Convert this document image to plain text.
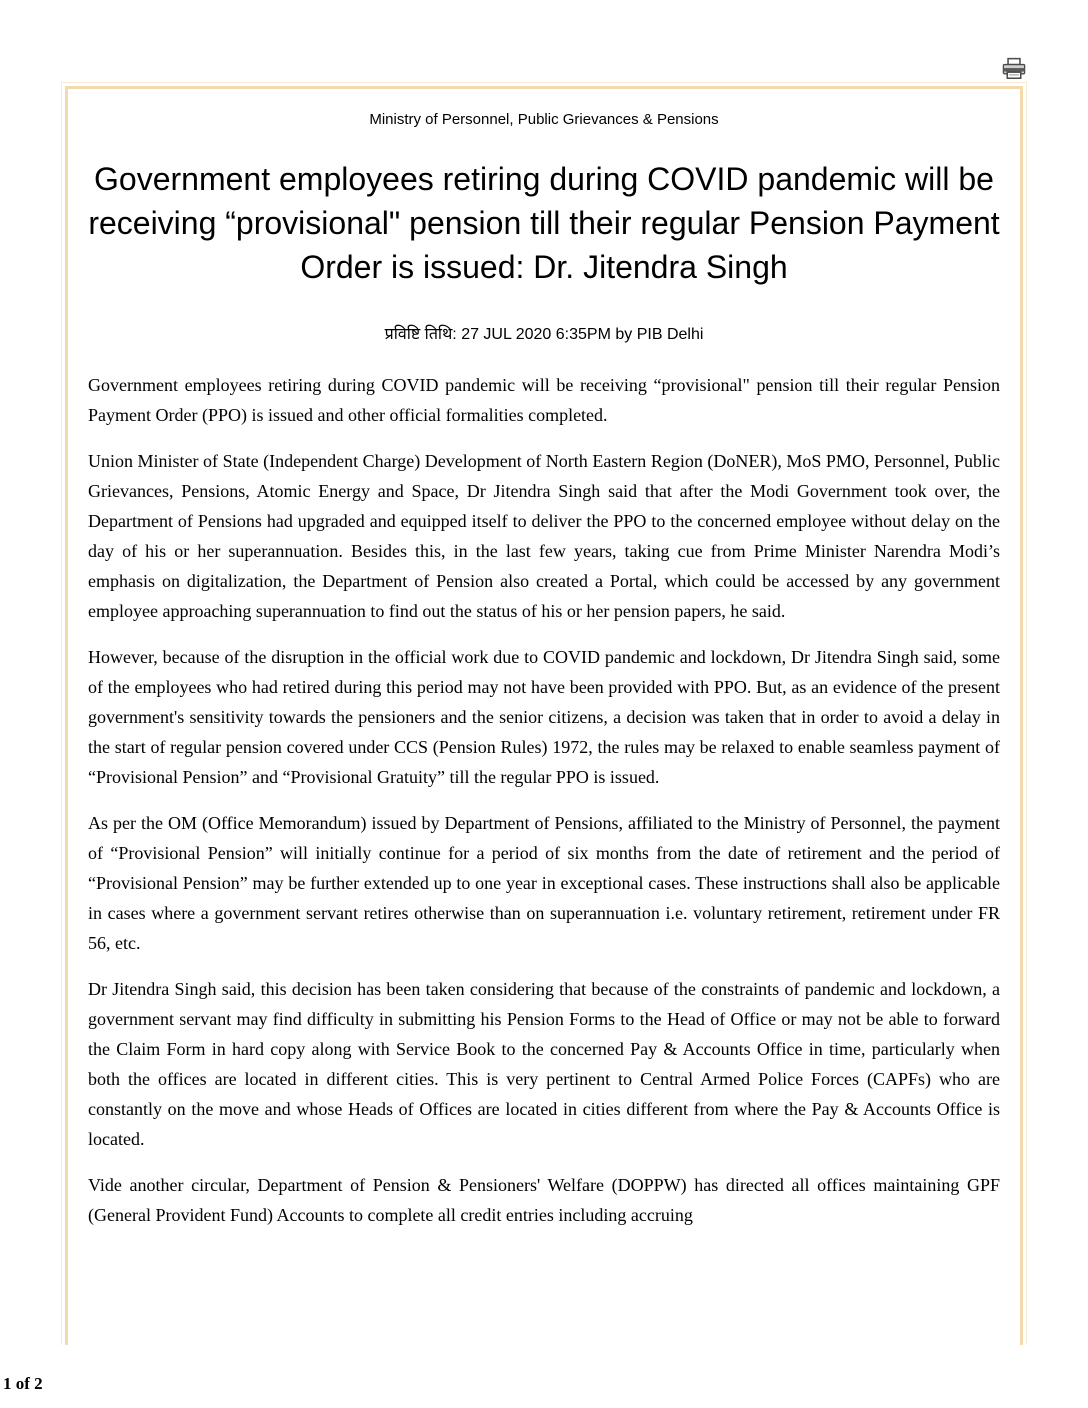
Ministry of Personnel, Public Grievances & Pensions
Government employees retiring during COVID pandemic will be receiving “provisional" pension till their regular Pension Payment Order is issued: Dr. Jitendra Singh
प्रविष्टि तिथि: 27 JUL 2020 6:35PM by PIB Delhi

Government employees retiring during COVID pandemic will be receiving “provisional" pension till their regular Pension Payment Order (PPO) is issued and other official formalities completed.

Union Minister of State (Independent Charge) Development of North Eastern Region (DoNER), MoS PMO, Personnel, Public Grievances, Pensions, Atomic Energy and Space, Dr Jitendra Singh said that after the Modi Government took over, the Department of Pensions had upgraded and equipped itself to deliver the PPO to the concerned employee without delay on the day of his or her superannuation. Besides this, in the last few years, taking cue from Prime Minister Narendra Modi’s emphasis on digitalization, the Department of Pension also created a Portal, which could be accessed by any government employee approaching superannuation to find out the status of his or her pension papers, he said.

However, because of the disruption in the official work due to COVID pandemic and lockdown, Dr Jitendra Singh said, some of the employees who had retired during this period may not have been provided with PPO. But, as an evidence of the present government's sensitivity towards the pensioners and the senior citizens, a decision was taken that in order to avoid a delay in the start of regular pension covered under CCS (Pension Rules) 1972, the rules may be relaxed to enable seamless payment of “Provisional Pension” and “Provisional Gratuity” till the regular PPO is issued.

As per the OM (Office Memorandum) issued by Department of Pensions, affiliated to the Ministry of Personnel, the payment of “Provisional Pension” will initially continue for a period of six months from the date of retirement and the period of “Provisional Pension” may be further extended up to one year in exceptional cases. These instructions shall also be applicable in cases where a government servant retires otherwise than on superannuation i.e. voluntary retirement, retirement under FR 56, etc.

Dr Jitendra Singh said, this decision has been taken considering that because of the constraints of pandemic and lockdown, a government servant may find difficulty in submitting his Pension Forms to the Head of Office or may not be able to forward the Claim Form in hard copy along with Service Book to the concerned Pay & Accounts Office in time, particularly when both the offices are located in different cities. This is very pertinent to Central Armed Police Forces (CAPFs) who are constantly on the move and whose Heads of Offices are located in cities different from where the Pay & Accounts Office is located.

Vide another circular, Department of Pension & Pensioners' Welfare (DOPPW) has directed all offices maintaining GPF (General Provident Fund) Accounts to complete all credit entries including accruing

1 of 2
